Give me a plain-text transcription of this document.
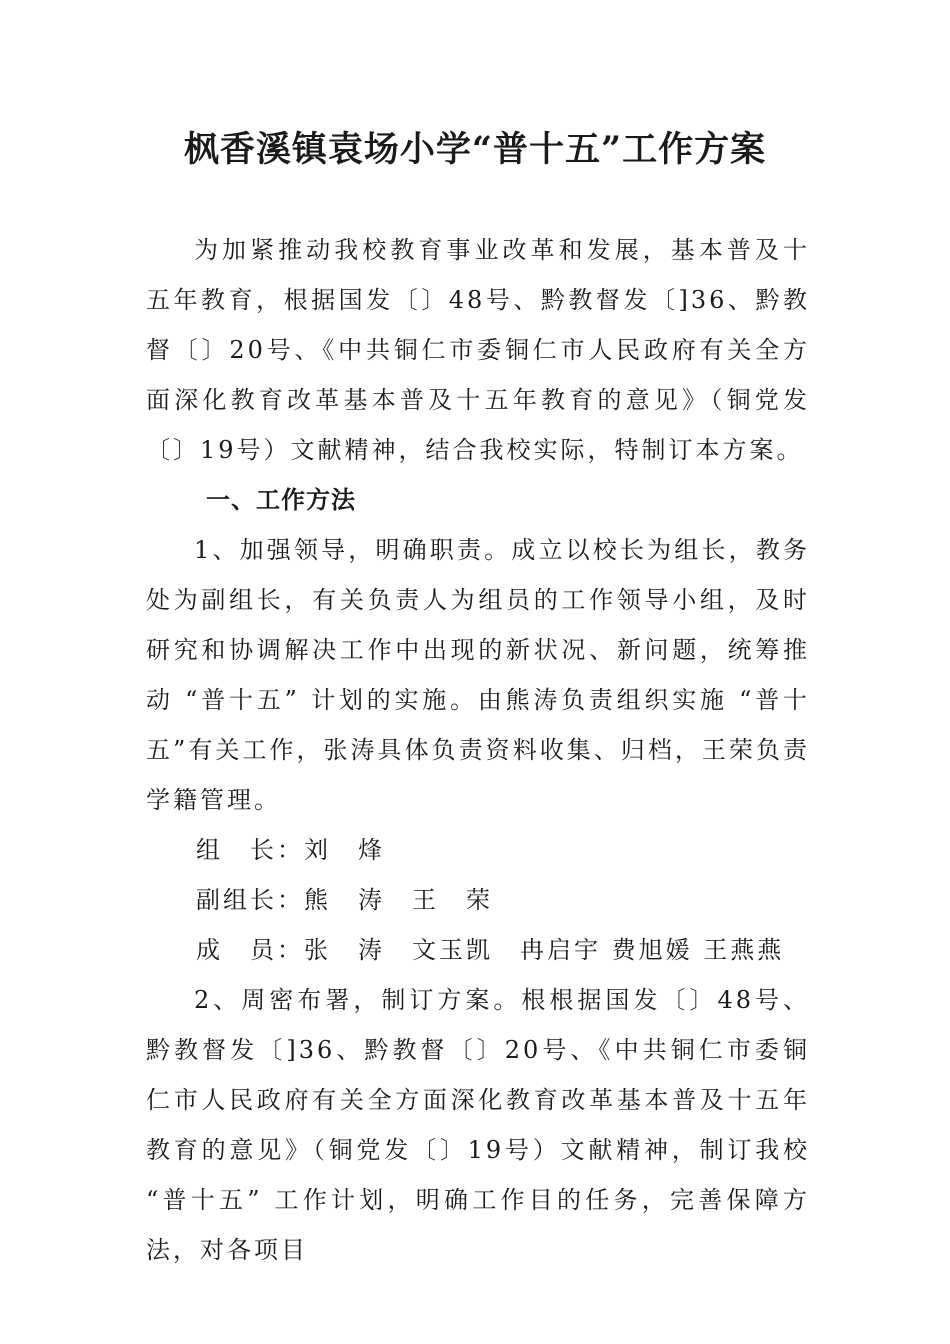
枫香溪镇袁场小学“普十五”工作方案

为加紧推动我校教育事业改革和发展，基本普及十五年教育，根据国发〔〕48号、黔教督发〔]36、黔教督〔〕20号、《中共铜仁市委铜仁市人民政府有关全方面深化教育改革基本普及十五年教育的意见》（铜党发〔〕19号）文献精神，结合我校实际，特制订本方案。

一、工作方法

1、加强领导，明确职责。成立以校长为组长，教务处为副组长，有关负责人为组员的工作领导小组，及时研究和协调解决工作中出现的新状况、新问题，统筹推动 “普十五” 计划的实施。由熊涛负责组织实施 “普十五”有关工作，张涛具体负责资料收集、归档，王荣负责学籍管理。

组　长：刘　烽

副组长：熊　涛　王　荣

成　员：张　涛　文玉凯　冉启宇 费旭媛 王燕燕

2、周密布署，制订方案。根根据国发〔〕48号、黔教督发〔]36、黔教督〔〕20号、《中共铜仁市委铜仁市人民政府有关全方面深化教育改革基本普及十五年教育的意见》（铜党发〔〕19号）文献精神，制订我校 “普十五” 工作计划，明确工作目的任务，完善保障方法，对各项目
